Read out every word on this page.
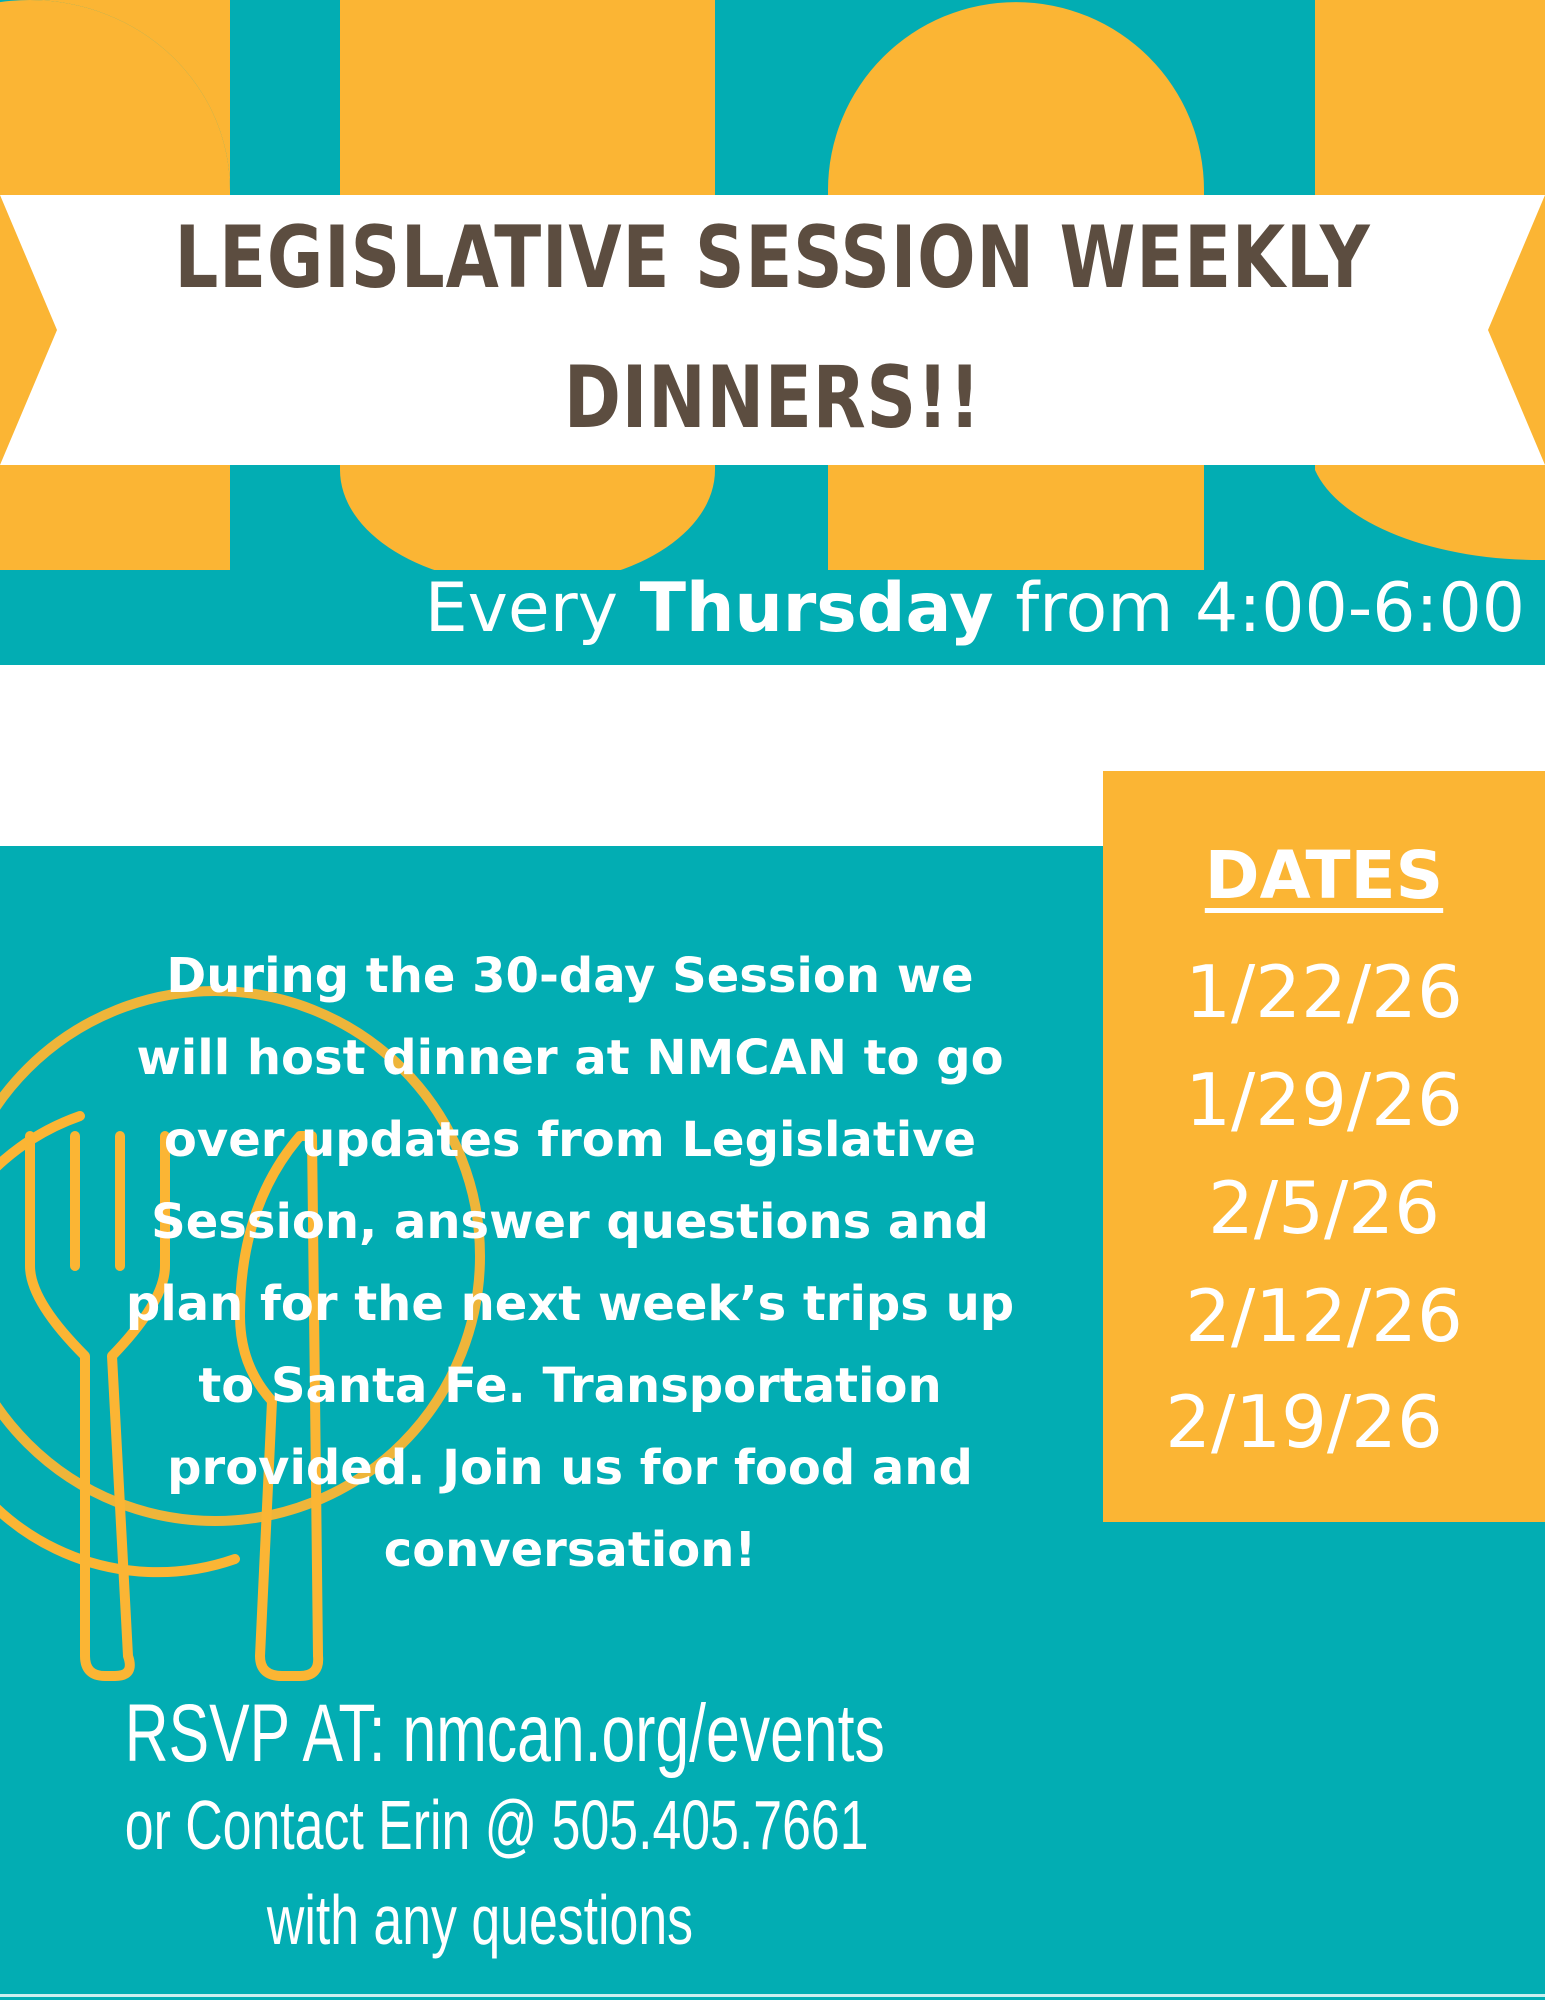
LEGISLATIVE SESSION WEEKLY
DINNERS!!
Every Thursday from 4:00-6:00
During the 30-day Session we
will host dinner at NMCAN to go
over updates from Legislative
Session, answer questions and
plan for the next week’s trips up
to Santa Fe. Transportation
provided. Join us for food and
conversation!
DATES
1/22/26
1/29/26
2/5/26
2/12/26
2/19/26
RSVP AT: nmcan.org/events
or Contact Erin @ 505.405.7661
with any questions
